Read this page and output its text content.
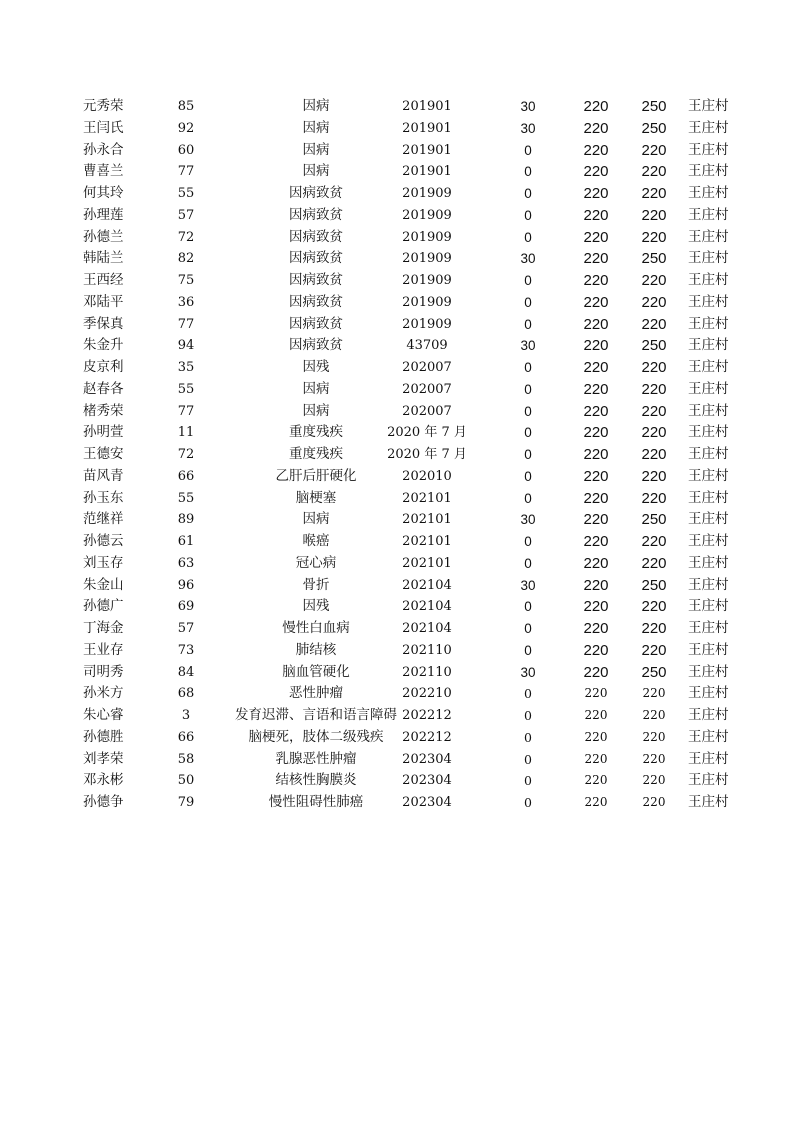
元秀荣	85	因病	201901	30	220	250	王庄村
王闫氏	92	因病	201901	30	220	250	王庄村
孙永合	60	因病	201901	0	220	220	王庄村
曹喜兰	77	因病	201901	0	220	220	王庄村
何其玲	55	因病致贫	201909	0	220	220	王庄村
孙理莲	57	因病致贫	201909	0	220	220	王庄村
孙德兰	72	因病致贫	201909	0	220	220	王庄村
韩陆兰	82	因病致贫	201909	30	220	250	王庄村
王西经	75	因病致贫	201909	0	220	220	王庄村
邓陆平	36	因病致贫	201909	0	220	220	王庄村
季保真	77	因病致贫	201909	0	220	220	王庄村
朱金升	94	因病致贫	43709	30	220	250	王庄村
皮京利	35	因残	202007	0	220	220	王庄村
赵春各	55	因病	202007	0	220	220	王庄村
楮秀荣	77	因病	202007	0	220	220	王庄村
孙明萱	11	重度残疾	2020 年 7 月	0	220	220	王庄村
王德安	72	重度残疾	2020 年 7 月	0	220	220	王庄村
苗风青	66	乙肝后肝硬化	202010	0	220	220	王庄村
孙玉东	55	脑梗塞	202101	0	220	220	王庄村
范继祥	89	因病	202101	30	220	250	王庄村
孙德云	61	喉癌	202101	0	220	220	王庄村
刘玉存	63	冠心病	202101	0	220	220	王庄村
朱金山	96	骨折	202104	30	220	250	王庄村
孙德广	69	因残	202104	0	220	220	王庄村
丁海金	57	慢性白血病	202104	0	220	220	王庄村
王业存	73	肺结核	202110	0	220	220	王庄村
司明秀	84	脑血管硬化	202110	30	220	250	王庄村
孙米方	68	恶性肿瘤	202210	0	220	220	王庄村
朱心睿	3	发育迟滞、言语和语言障碍 202212	0	220	220	王庄村
孙德胜	66	脑梗死，肢体二级残疾	202212	0	220	220	王庄村
刘孝荣	58	乳腺恶性肿瘤	202304	0	220	220	王庄村
邓永彬	50	结核性胸膜炎	202304	0	220	220	王庄村
孙德争	79	慢性阻碍性肺癌	202304	0	220	220	王庄村
